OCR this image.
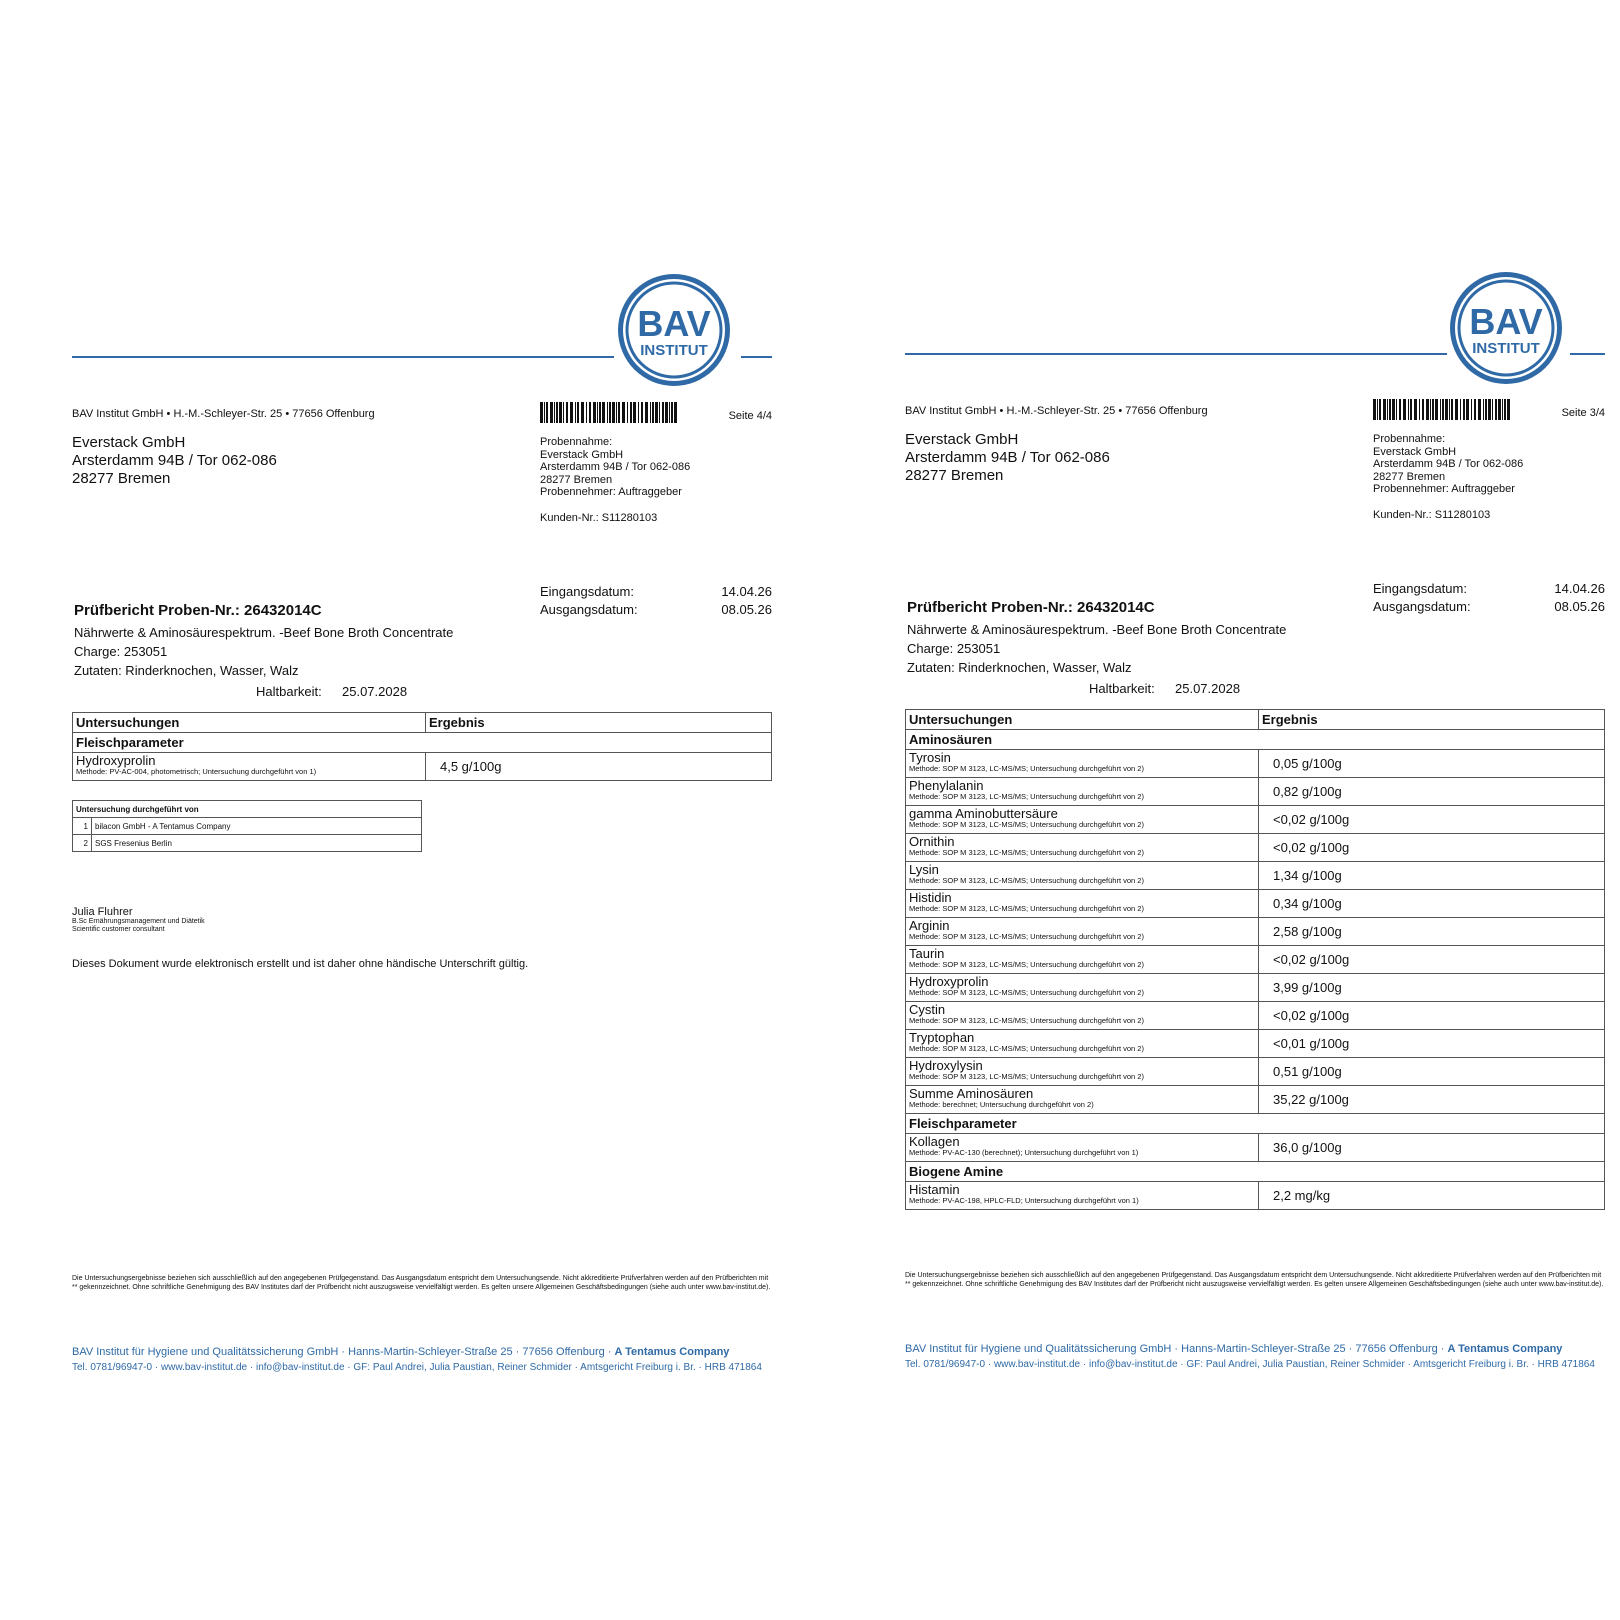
BAV
INSTITUT
BAV Institut GmbH • H.-M.-Schleyer-Str. 25 • 77656 Offenburg	Seite 4/4
Everstack GmbH
Arsterdamm 94B / Tor 062-086
28277 Bremen
Probennahme:
Everstack GmbH
Arsterdamm 94B / Tor 062-086
28277 Bremen
Probennehmer: Auftraggeber
Kunden-Nr.: S11280103
Eingangsdatum:	14.04.26
Ausgangsdatum:	08.05.26
Prüfbericht Proben-Nr.: 26432014C
Nährwerte & Aminosäurespektrum. -Beef Bone Broth Concentrate
Charge: 253051
Zutaten: Rinderknochen, Wasser, Walz
Haltbarkeit: 25.07.2028
Untersuchungen	Ergebnis
Fleischparameter	

Hydroxyprolin
Methode: PV-AC-004, photometrisch; Untersuchung durchgeführt von 1)	4,5 g/100g
Untersuchung durchgeführt von	
1	bilacon GmbH - A Tentamus Company
2	SGS Fresenius Berlin
Julia Fluhrer
B.Sc Ernährungsmanagement und Diätetik
Scientific customer consultant
Dieses Dokument wurde elektronisch erstellt und ist daher ohne händische Unterschrift gültig.
Die Untersuchungsergebnisse beziehen sich ausschließlich auf den angegebenen Prüfgegenstand. Das Ausgangsdatum entspricht dem Untersuchungsende. Nicht akkreditierte Prüfverfahren werden auf den Prüfberichten mit ** gekennzeichnet. Ohne schriftliche Genehmigung des BAV Institutes darf der Prüfbericht nicht auszugsweise vervielfältigt werden. Es gelten unsere Allgemeinen Geschäftsbedingungen (siehe auch unter www.bav-institut.de).
BAV Institut für Hygiene und Qualitätssicherung GmbH · Hanns-Martin-Schleyer-Straße 25 · 77656 Offenburg · A Tentamus Company
Tel. 0781/96947-0 · www.bav-institut.de · info@bav-institut.de · GF: Paul Andrei, Julia Paustian, Reiner Schmider · Amtsgericht Freiburg i. Br. · HRB 471864
BAV
INSTITUT
BAV Institut GmbH • H.-M.-Schleyer-Str. 25 • 77656 Offenburg	Seite 3/4
Everstack GmbH
Arsterdamm 94B / Tor 062-086
28277 Bremen
Probennahme:
Everstack GmbH
Arsterdamm 94B / Tor 062-086
28277 Bremen
Probennehmer: Auftraggeber
Kunden-Nr.: S11280103
Eingangsdatum:	14.04.26
Ausgangsdatum:	08.05.26
Prüfbericht Proben-Nr.: 26432014C
Nährwerte & Aminosäurespektrum. -Beef Bone Broth Concentrate
Charge: 253051
Zutaten: Rinderknochen, Wasser, Walz
Haltbarkeit: 25.07.2028
Untersuchungen	Ergebnis
Aminosäuren	

Tyrosin
Methode: SOP M 3123, LC-MS/MS; Untersuchung durchgeführt von 2)	0,05 g/100g

Phenylalanin
Methode: SOP M 3123, LC-MS/MS; Untersuchung durchgeführt von 2)	0,82 g/100g

gamma Aminobuttersäure
Methode: SOP M 3123, LC-MS/MS; Untersuchung durchgeführt von 2)	<0,02 g/100g

Ornithin
Methode: SOP M 3123, LC-MS/MS; Untersuchung durchgeführt von 2)	<0,02 g/100g

Lysin
Methode: SOP M 3123, LC-MS/MS; Untersuchung durchgeführt von 2)	1,34 g/100g

Histidin
Methode: SOP M 3123, LC-MS/MS; Untersuchung durchgeführt von 2)	0,34 g/100g

Arginin
Methode: SOP M 3123, LC-MS/MS; Untersuchung durchgeführt von 2)	2,58 g/100g

Taurin
Methode: SOP M 3123, LC-MS/MS; Untersuchung durchgeführt von 2)	<0,02 g/100g

Hydroxyprolin
Methode: SOP M 3123, LC-MS/MS; Untersuchung durchgeführt von 2)	3,99 g/100g

Cystin
Methode: SOP M 3123, LC-MS/MS; Untersuchung durchgeführt von 2)	<0,02 g/100g

Tryptophan
Methode: SOP M 3123, LC-MS/MS; Untersuchung durchgeführt von 2)	<0,01 g/100g

Hydroxylysin
Methode: SOP M 3123, LC-MS/MS; Untersuchung durchgeführt von 2)	0,51 g/100g

Summe Aminosäuren
Methode: berechnet; Untersuchung durchgeführt von 2)	35,22 g/100g
Fleischparameter	

Kollagen
Methode: PV-AC-130 (berechnet); Untersuchung durchgeführt von 1)	36,0 g/100g
Biogene Amine	

Histamin
Methode: PV-AC-198, HPLC-FLD; Untersuchung durchgeführt von 1)	2,2 mg/kg
Die Untersuchungsergebnisse beziehen sich ausschließlich auf den angegebenen Prüfgegenstand. Das Ausgangsdatum entspricht dem Untersuchungsende. Nicht akkreditierte Prüfverfahren werden auf den Prüfberichten mit ** gekennzeichnet. Ohne schriftliche Genehmigung des BAV Institutes darf der Prüfbericht nicht auszugsweise vervielfältigt werden. Es gelten unsere Allgemeinen Geschäftsbedingungen (siehe auch unter www.bav-institut.de).
BAV Institut für Hygiene und Qualitätssicherung GmbH · Hanns-Martin-Schleyer-Straße 25 · 77656 Offenburg · A Tentamus Company
Tel. 0781/96947-0 · www.bav-institut.de · info@bav-institut.de · GF: Paul Andrei, Julia Paustian, Reiner Schmider · Amtsgericht Freiburg i. Br. · HRB 471864
